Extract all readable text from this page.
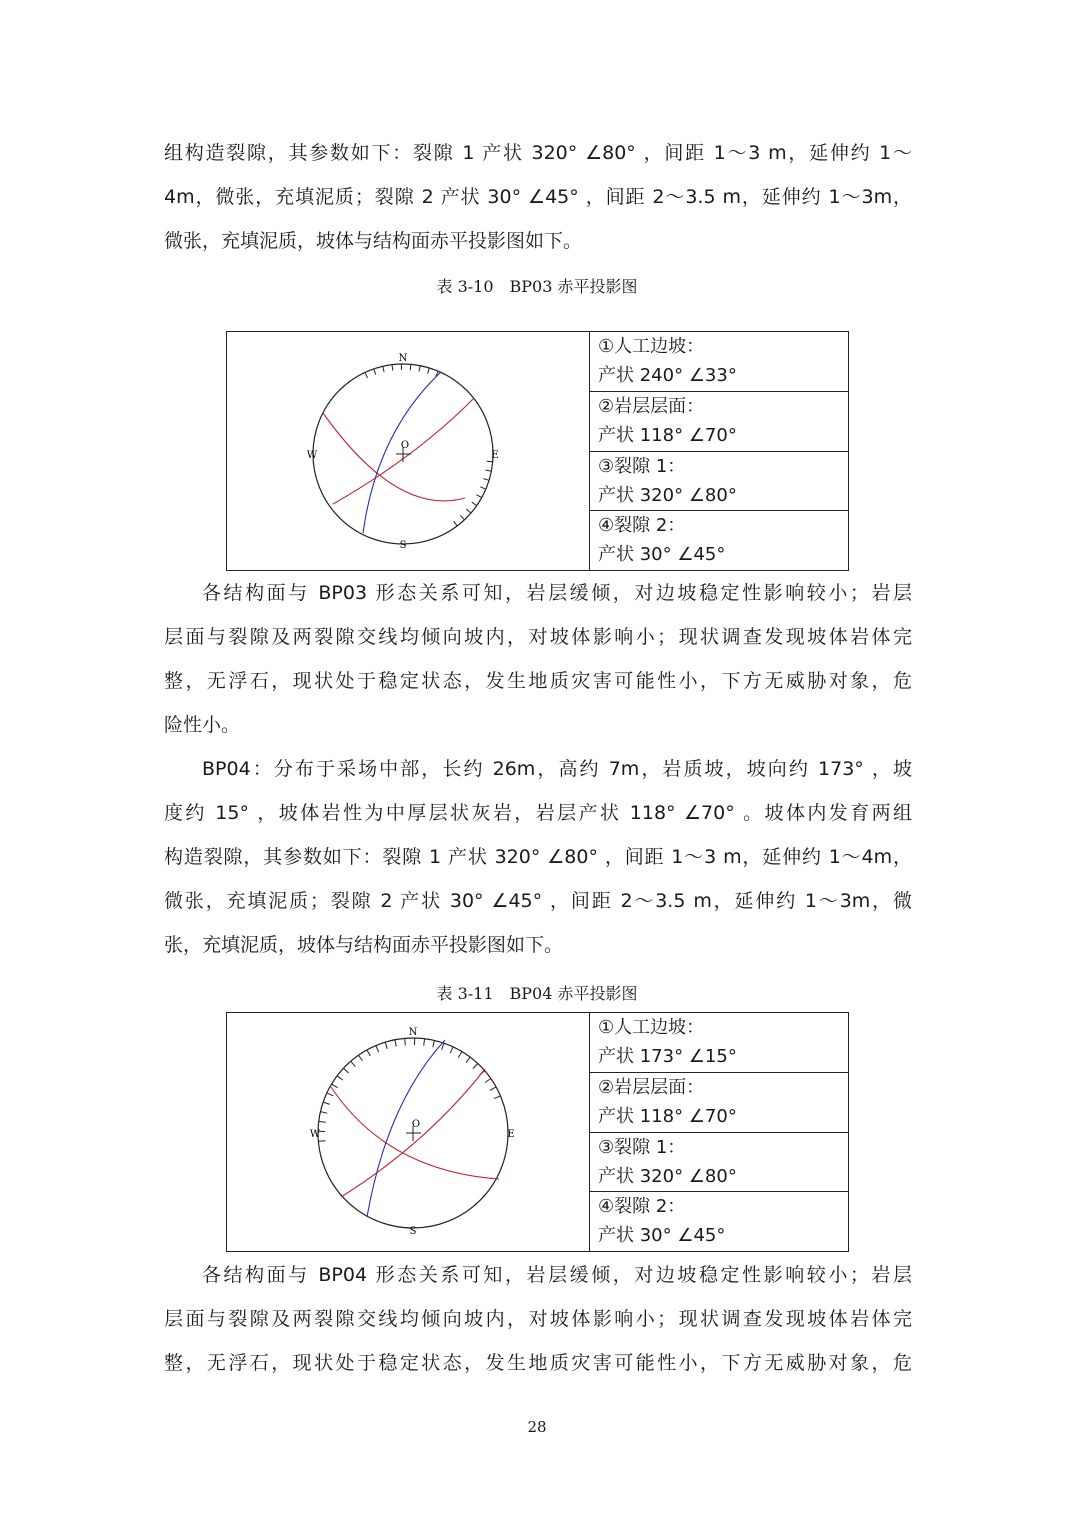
组构造裂隙，其参数如下：裂隙 1 产状 320° ∠80° ，间距 1～3 m，延伸约 1～
4m，微张，充填泥质；裂隙 2 产状 30° ∠45° ，间距 2～3.5 m，延伸约 1～3m，
微张，充填泥质，坡体与结构面赤平投影图如下。
表 3-10　BP03 赤平投影图
N
S
E
W
O

①人工边坡：
产状 240° ∠33°

②岩层层面：
产状 118° ∠70°

③裂隙 1：
产状 320° ∠80°

④裂隙 2：
产状 30° ∠45°
各结构面与 BP03 形态关系可知，岩层缓倾，对边坡稳定性影响较小；岩层
层面与裂隙及两裂隙交线均倾向坡内，对坡体影响小；现状调查发现坡体岩体完
整，无浮石，现状处于稳定状态，发生地质灾害可能性小，下方无威胁对象，危
险性小。
BP04：分布于采场中部，长约 26m，高约 7m，岩质坡，坡向约 173° ，坡
度约 15° ，坡体岩性为中厚层状灰岩，岩层产状 118° ∠70° 。坡体内发育两组
构造裂隙，其参数如下：裂隙 1 产状 320° ∠80° ，间距 1～3 m，延伸约 1～4m，
微张，充填泥质；裂隙 2 产状 30° ∠45° ，间距 2～3.5 m，延伸约 1～3m，微
张，充填泥质，坡体与结构面赤平投影图如下。
表 3-11　BP04 赤平投影图
N
S
E
W
O

①人工边坡：
产状 173° ∠15°

②岩层层面：
产状 118° ∠70°

③裂隙 1：
产状 320° ∠80°

④裂隙 2：
产状 30° ∠45°
各结构面与 BP04 形态关系可知，岩层缓倾，对边坡稳定性影响较小；岩层
层面与裂隙及两裂隙交线均倾向坡内，对坡体影响小；现状调查发现坡体岩体完
整，无浮石，现状处于稳定状态，发生地质灾害可能性小，下方无威胁对象，危
28
